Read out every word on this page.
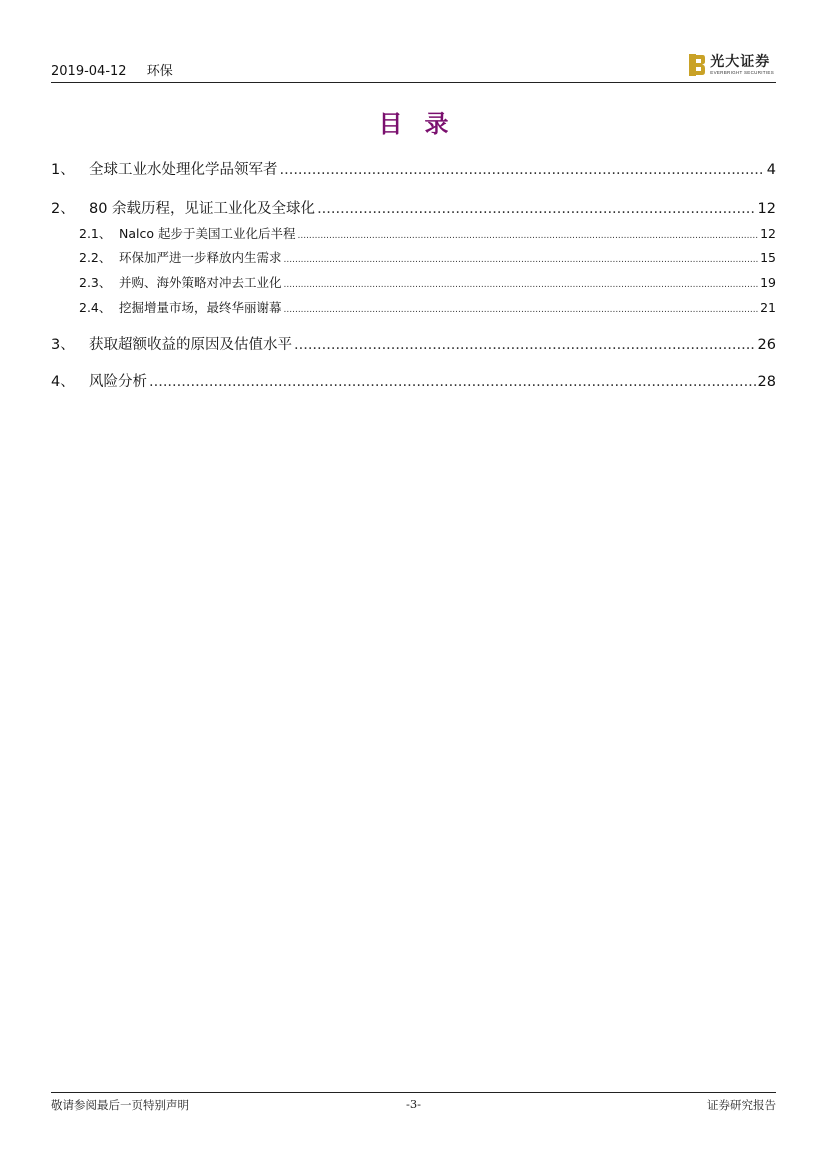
2019-04-12 环保
光大证券
EVERBRIGHT SECURITIES
目录
1、 全球工业水处理化学品领军者 .....	4
2、 80 余载历程，见证工业化及全球化 .....	12
2.1、 Nalco 起步于美国工业化后半程 .....	12
2.2、 环保加严进一步释放内生需求 .....	15
2.3、 并购、海外策略对冲去工业化 .....	19
2.4、 挖掘增量市场，最终华丽谢幕 .....	21
3、 获取超额收益的原因及估值水平 .....	26
4、 风险分析 .....	28
敬请参阅最后一页特别声明	-3-	证券研究报告
